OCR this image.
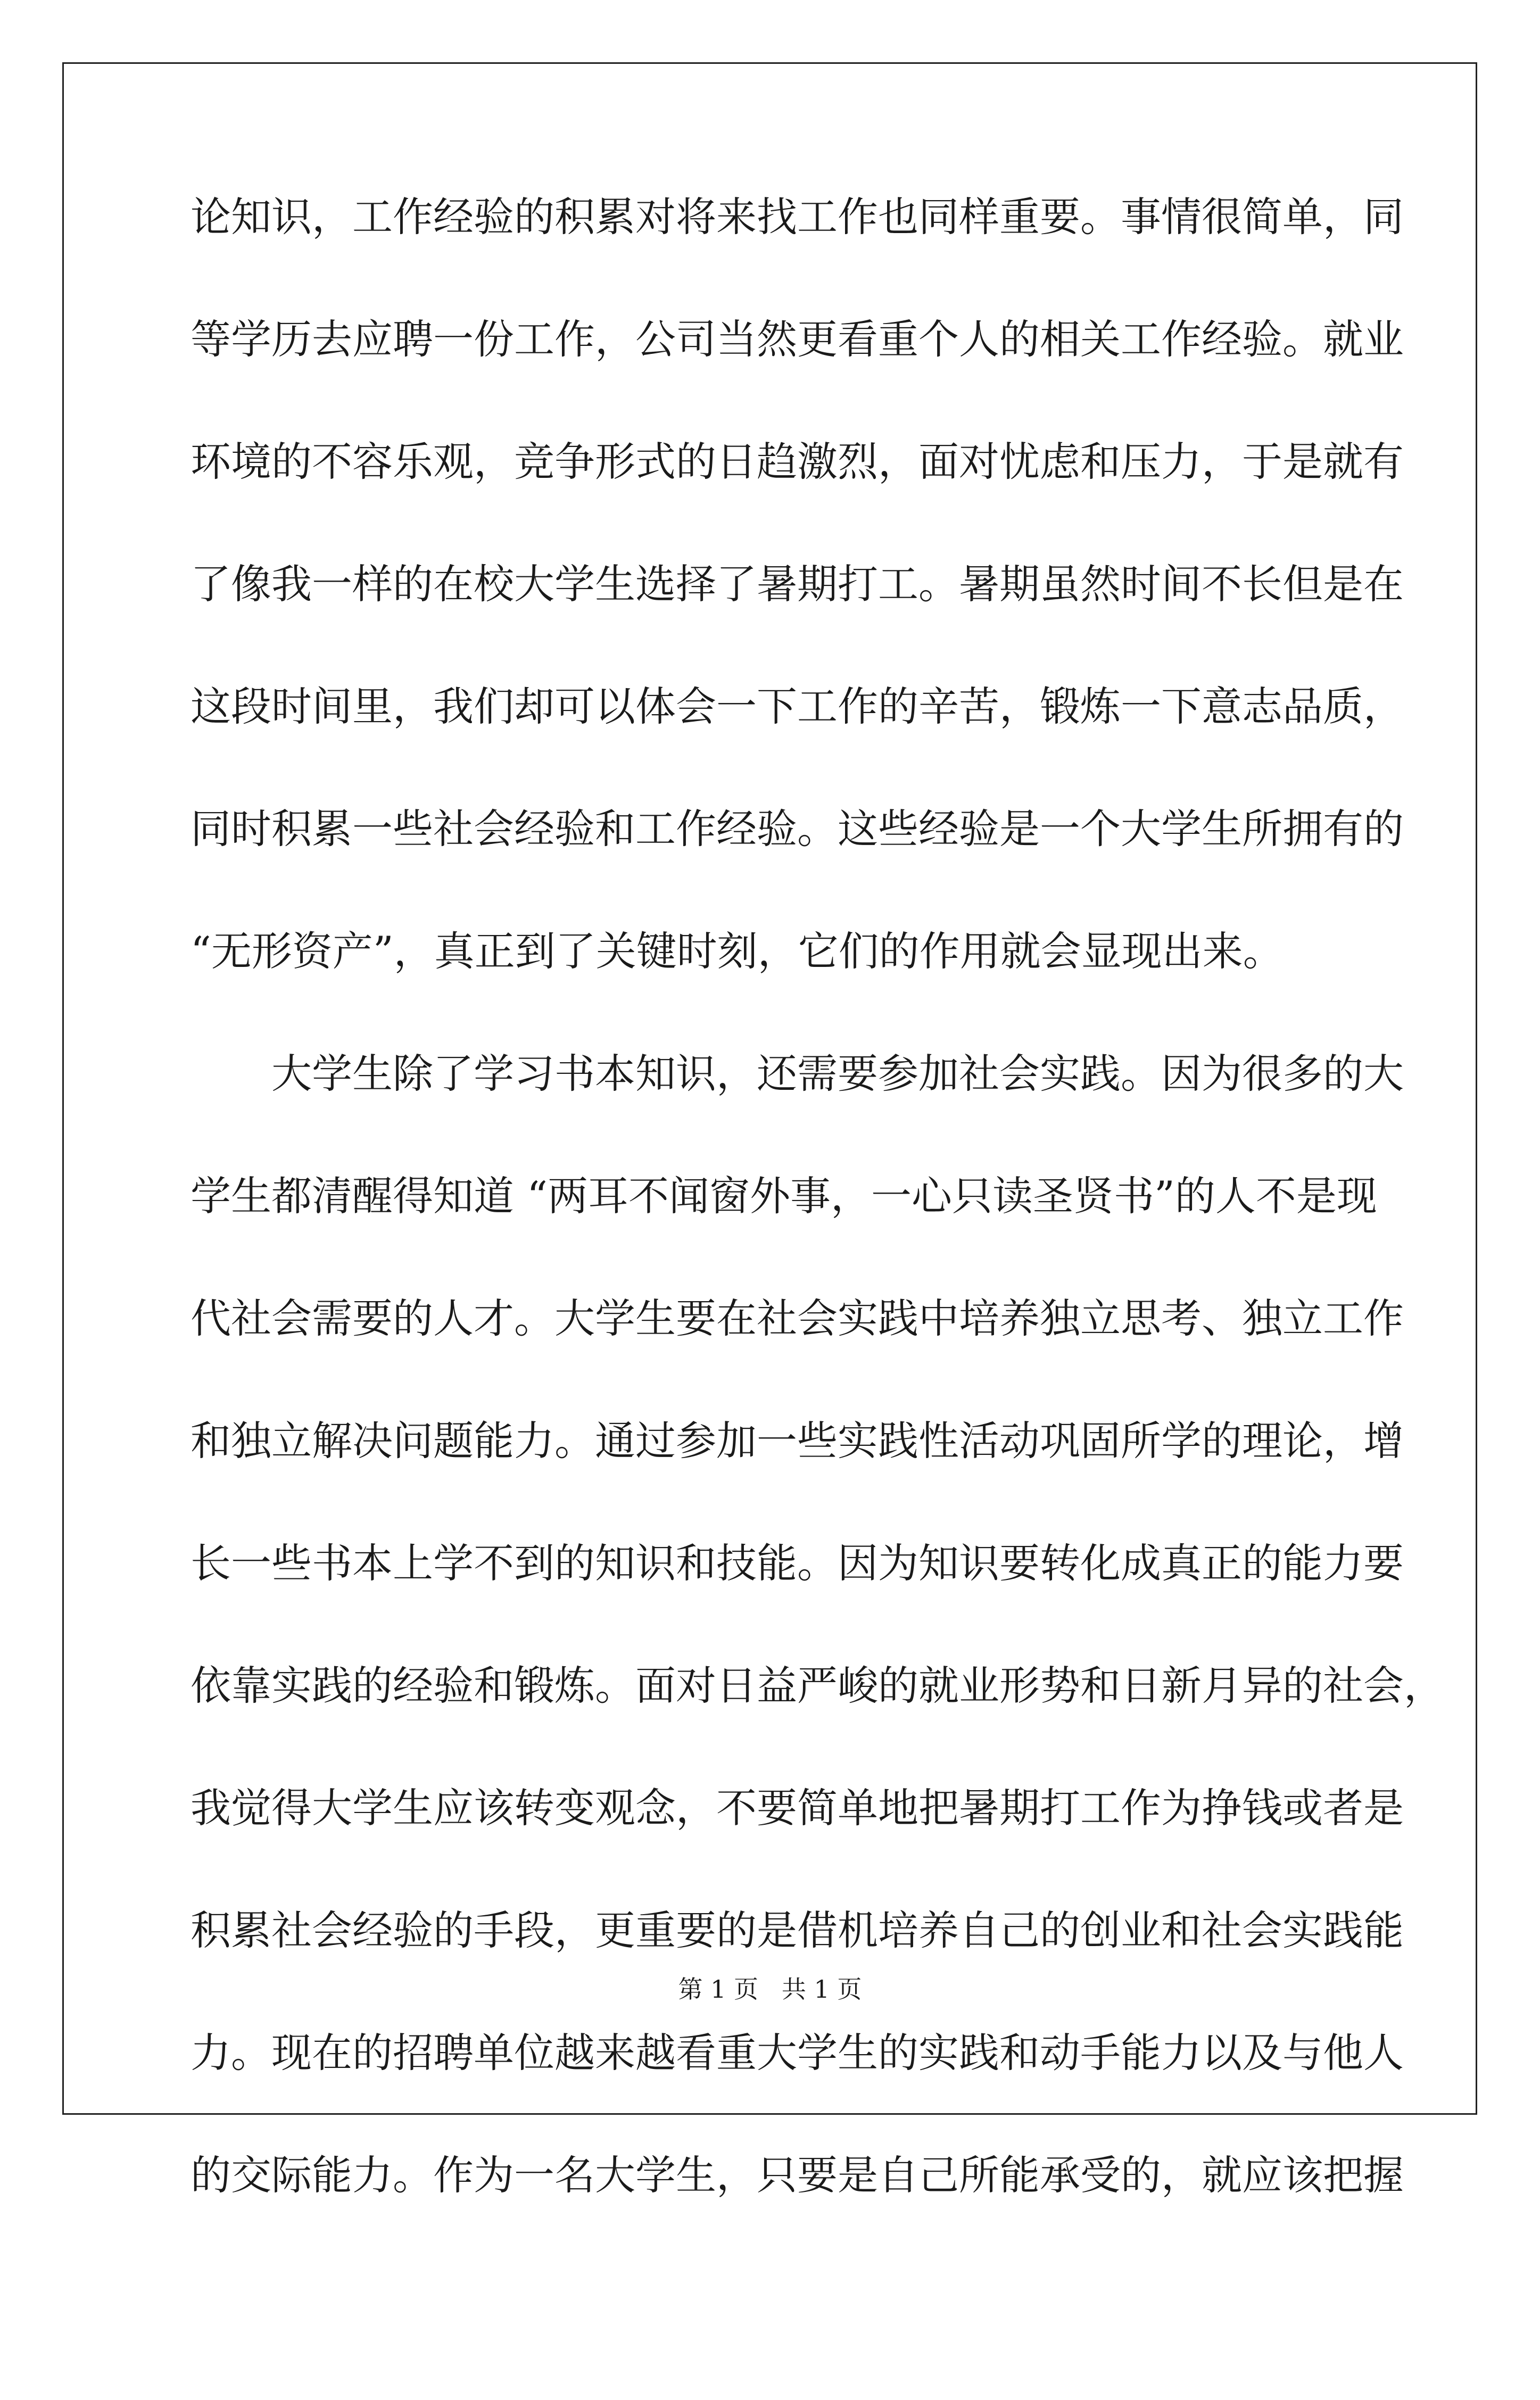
论知识，工作经验的积累对将来找工作也同样重要。事情很简单，同
等学历去应聘一份工作，公司当然更看重个人的相关工作经验。就业
环境的不容乐观，竞争形式的日趋激烈，面对忧虑和压力，于是就有
了像我一样的在校大学生选择了暑期打工。暑期虽然时间不长但是在
这段时间里，我们却可以体会一下工作的辛苦，锻炼一下意志品质，
同时积累一些社会经验和工作经验。这些经验是一个大学生所拥有的
“无形资产”，真正到了关键时刻，它们的作用就会显现出来。
大学生除了学习书本知识，还需要参加社会实践。因为很多的大
学生都清醒得知道 “两耳不闻窗外事，一心只读圣贤书”的人不是现
代社会需要的人才。大学生要在社会实践中培养独立思考、独立工作
和独立解决问题能力。通过参加一些实践性活动巩固所学的理论，增
长一些书本上学不到的知识和技能。因为知识要转化成真正的能力要
依靠实践的经验和锻炼。面对日益严峻的就业形势和日新月异的社会，
我觉得大学生应该转变观念，不要简单地把暑期打工作为挣钱或者是
积累社会经验的手段，更重要的是借机培养自己的创业和社会实践能
力。现在的招聘单位越来越看重大学生的实践和动手能力以及与他人
的交际能力。作为一名大学生，只要是自己所能承受的，就应该把握
第 1 页   共 1 页
